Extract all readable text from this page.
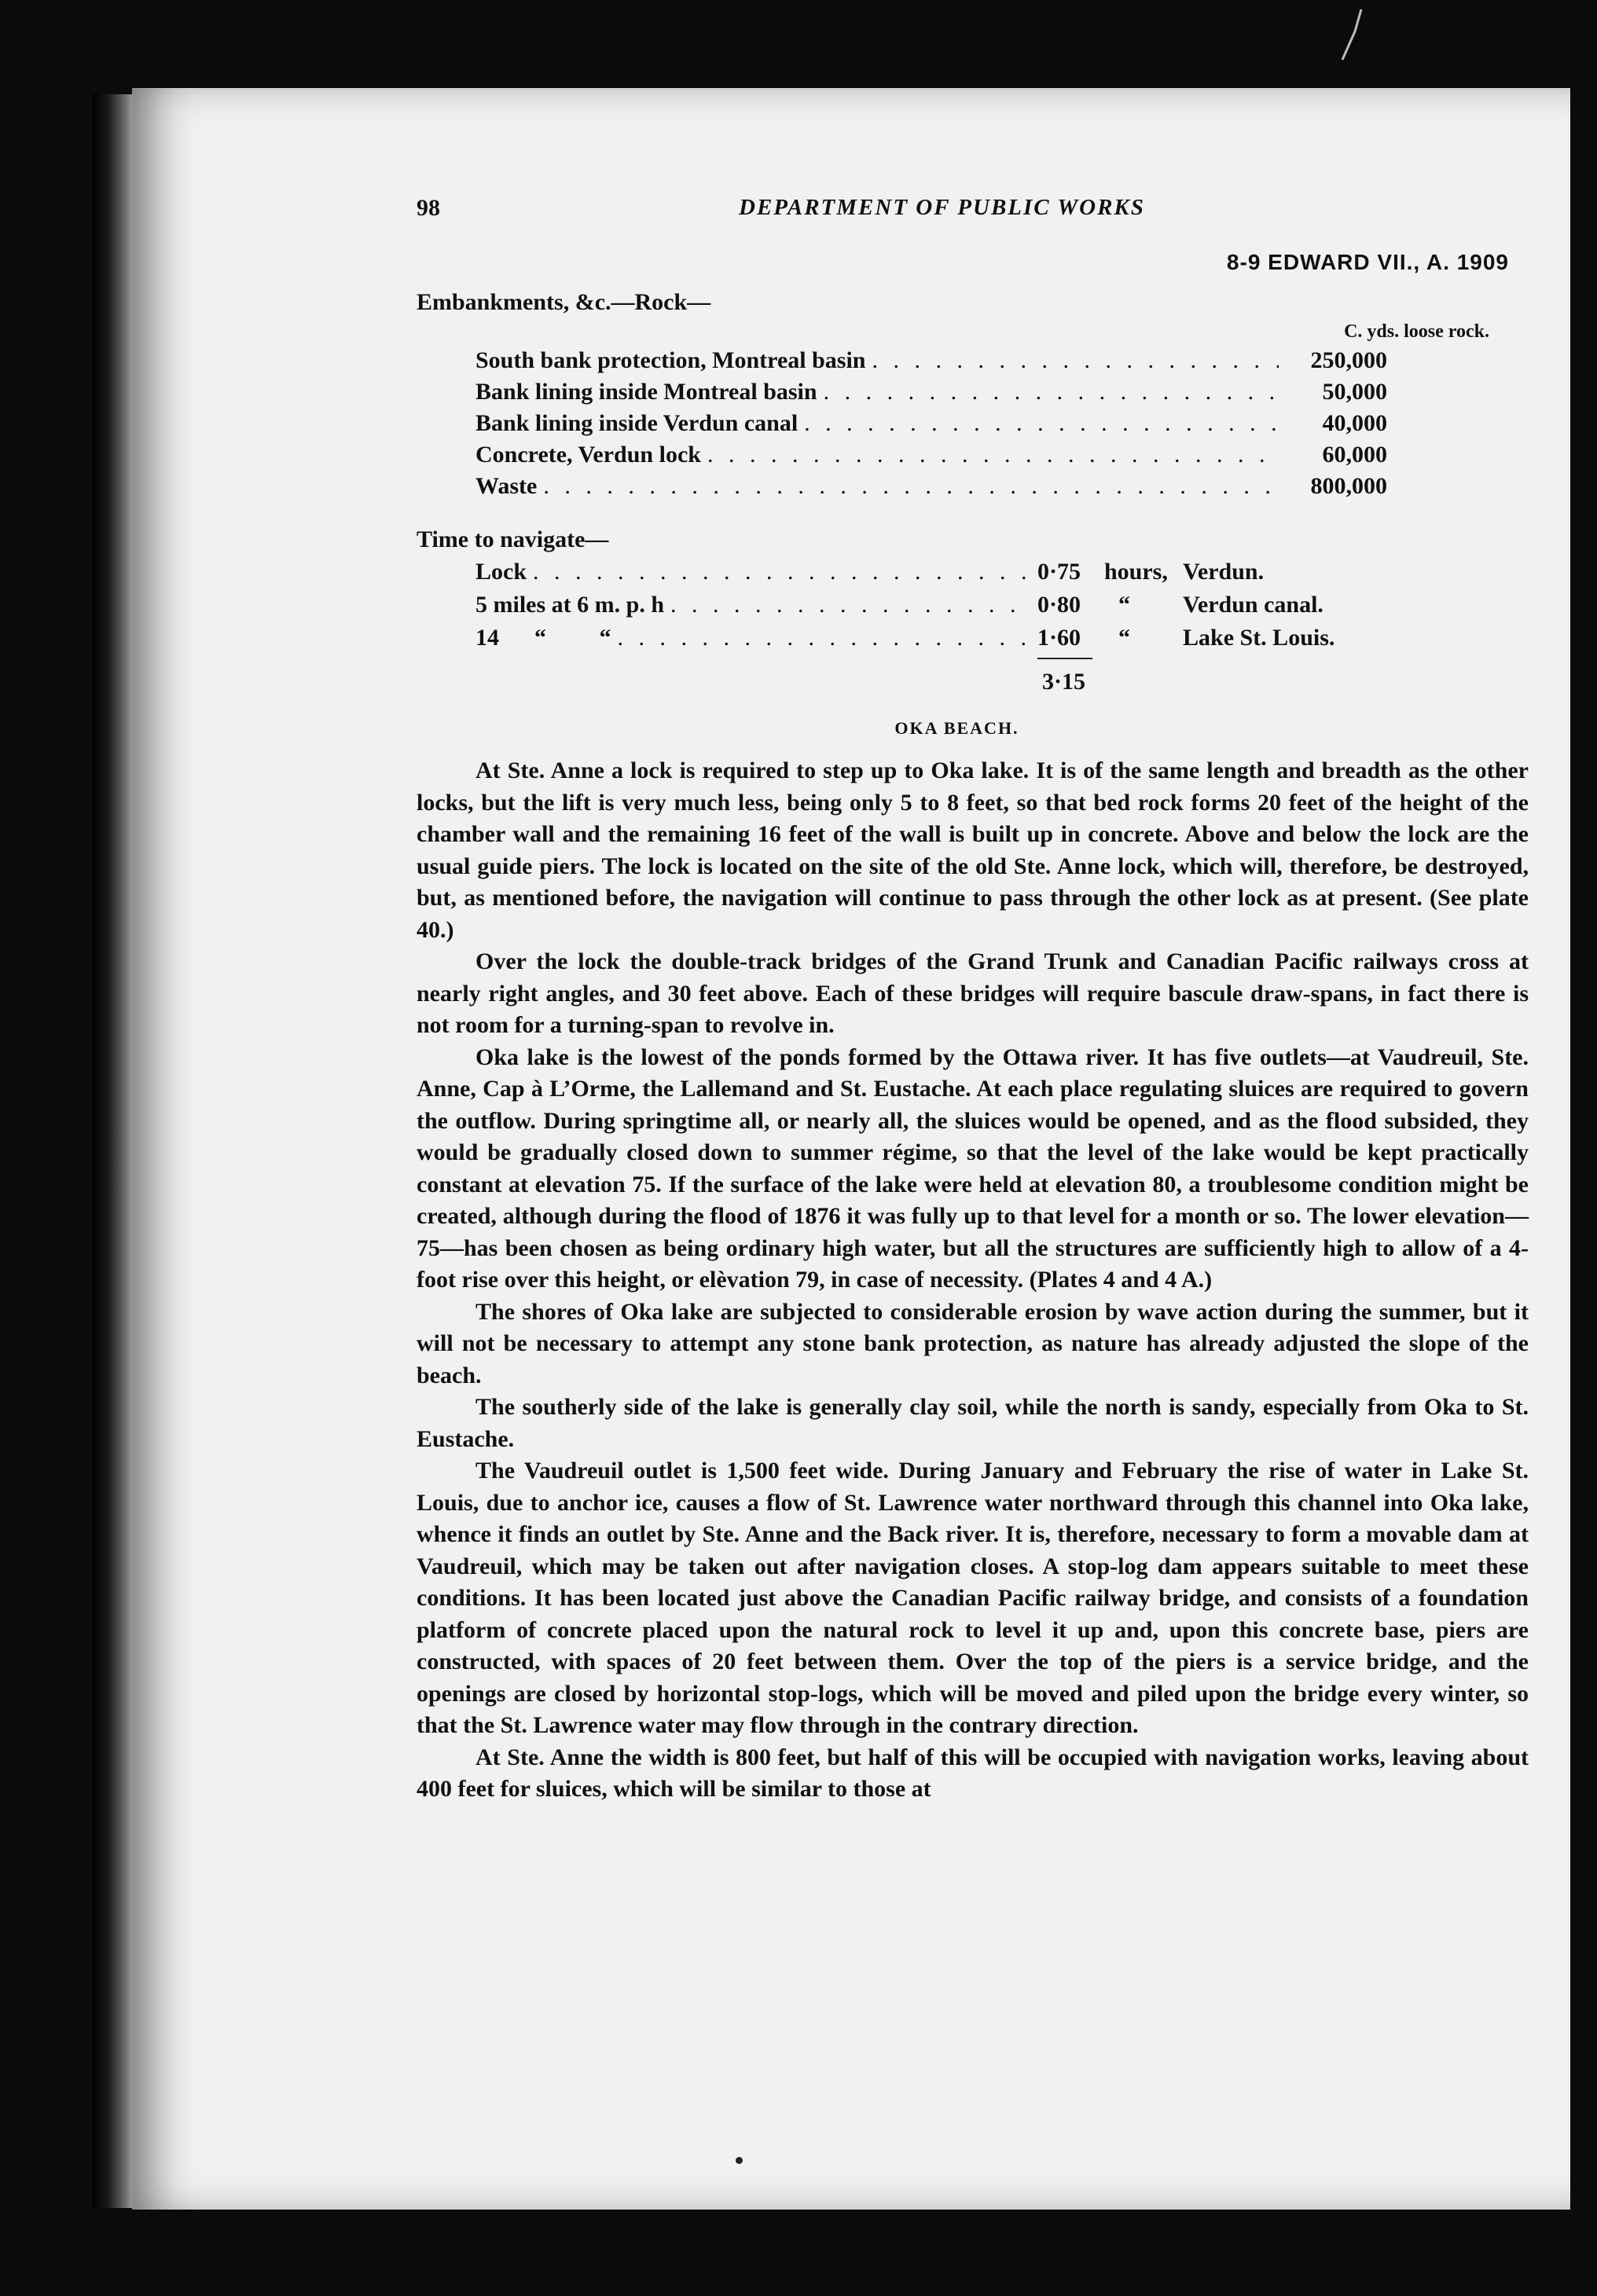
98	DEPARTMENT OF PUBLIC WORKS
8-9 EDWARD VII., A. 1909

Embankments, &c.—Rock—

C. yds. loose rock.
South bank protection, Montreal basin . . .	250,000
Bank lining inside Montreal basin . . .	50,000
Bank lining inside Verdun canal . . .	40,000
Concrete, Verdun lock . . .	60,000
Waste . . .	800,000

Time to navigate—

Lock . . .	0·75 hours, Verdun.
5 miles at 6 m. p. h . . .	0·80	“	Verdun canal.
14      “         “ . . .	1·60	“	Lake St. Louis.
3·15
OKA BEACH.

At Ste. Anne a lock is required to step up to Oka lake. It is of the same length and breadth as the other locks, but the lift is very much less, being only 5 to 8 feet, so that bed rock forms 20 feet of the height of the chamber wall and the remaining 16 feet of the wall is built up in concrete. Above and below the lock are the usual guide piers. The lock is located on the site of the old Ste. Anne lock, which will, therefore, be destroyed, but, as mentioned before, the navigation will continue to pass through the other lock as at present. (See plate 40.)

Over the lock the double-track bridges of the Grand Trunk and Canadian Pacific railways cross at nearly right angles, and 30 feet above. Each of these bridges will require bascule draw-spans, in fact there is not room for a turning-span to revolve in.

Oka lake is the lowest of the ponds formed by the Ottawa river. It has five outlets—at Vaudreuil, Ste. Anne, Cap à L’Orme, the Lallemand and St. Eustache. At each place regulating sluices are required to govern the outflow. During springtime all, or nearly all, the sluices would be opened, and as the flood subsided, they would be gradually closed down to summer régime, so that the level of the lake would be kept practically constant at elevation 75. If the surface of the lake were held at elevation 80, a troublesome condition might be created, although during the flood of 1876 it was fully up to that level for a month or so. The lower elevation—75—has been chosen as being ordinary high water, but all the structures are sufficiently high to allow of a 4-foot rise over this height, or elèvation 79, in case of necessity. (Plates 4 and 4 A.)

The shores of Oka lake are subjected to considerable erosion by wave action during the summer, but it will not be necessary to attempt any stone bank protection, as nature has already adjusted the slope of the beach.

The southerly side of the lake is generally clay soil, while the north is sandy, especially from Oka to St. Eustache.

The Vaudreuil outlet is 1,500 feet wide. During January and February the rise of water in Lake St. Louis, due to anchor ice, causes a flow of St. Lawrence water northward through this channel into Oka lake, whence it finds an outlet by Ste. Anne and the Back river. It is, therefore, necessary to form a movable dam at Vaudreuil, which may be taken out after navigation closes. A stop-log dam appears suitable to meet these conditions. It has been located just above the Canadian Pacific railway bridge, and consists of a foundation platform of concrete placed upon the natural rock to level it up and, upon this concrete base, piers are constructed, with spaces of 20 feet between them. Over the top of the piers is a service bridge, and the openings are closed by horizontal stop-logs, which will be moved and piled upon the bridge every winter, so that the St. Lawrence water may flow through in the contrary direction.

At Ste. Anne the width is 800 feet, but half of this will be occupied with navigation works, leaving about 400 feet for sluices, which will be similar to those at
